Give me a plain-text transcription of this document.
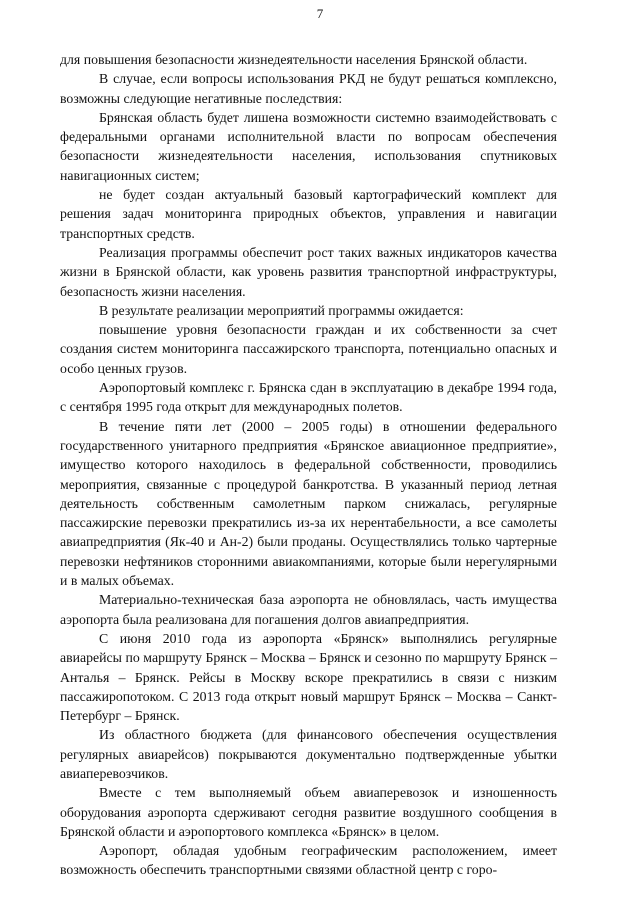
7

для повышения безопасности жизнедеятельности населения Брянской области.

В случае, если вопросы использования РКД не будут решаться комплексно, возможны следующие негативные последствия:

Брянская область будет лишена возможности системно взаимодействовать с федеральными органами исполнительной власти по вопросам обеспечения безопасности жизнедеятельности населения, использования спутниковых навигационных систем;

не будет создан актуальный базовый картографический комплект для решения задач мониторинга природных объектов, управления и навигации транспортных средств.

Реализация программы обеспечит рост таких важных индикаторов качества жизни в Брянской области, как уровень развития транспортной инфраструктуры, безопасность жизни населения.

В результате реализации мероприятий программы ожидается:

повышение уровня безопасности граждан и их собственности за счет создания систем мониторинга пассажирского транспорта, потенциально опасных и особо ценных грузов.

Аэропортовый комплекс г. Брянска сдан в эксплуатацию в декабре 1994 года, с сентября 1995 года открыт для международных полетов.

В течение пяти лет (2000 – 2005 годы) в отношении федерального государственного унитарного предприятия «Брянское авиационное предприятие», имущество которого находилось в федеральной собственности, проводились мероприятия, связанные с процедурой банкротства. В указанный период летная деятельность собственным самолетным парком снижалась, регулярные пассажирские перевозки прекратились из-за их нерентабельности, а все самолеты авиапредприятия (Як-40 и Ан-2) были проданы. Осуществлялись только чартерные перевозки нефтяников сторонними авиакомпаниями, которые были нерегулярными и в малых объемах.

Материально-техническая база аэропорта не обновлялась, часть имущества аэропорта была реализована для погашения долгов авиапредприятия.

С июня 2010 года из аэропорта «Брянск» выполнялись регулярные авиарейсы по маршруту Брянск – Москва – Брянск и сезонно по маршруту Брянск – Анталья – Брянск. Рейсы в Москву вскоре прекратились в связи с низким пассажиропотоком. С 2013 года открыт новый маршрут Брянск – Москва – Санкт-Петербург – Брянск.

Из областного бюджета (для финансового обеспечения осуществления регулярных авиарейсов) покрываются документально подтвержденные убытки авиаперевозчиков.

Вместе с тем выполняемый объем авиаперевозок и изношенность оборудования аэропорта сдерживают сегодня развитие воздушного сообщения в Брянской области и аэропортового комплекса «Брянск» в целом.

Аэропорт, обладая удобным географическим расположением, имеет возможность обеспечить транспортными связями областной центр с горо-
